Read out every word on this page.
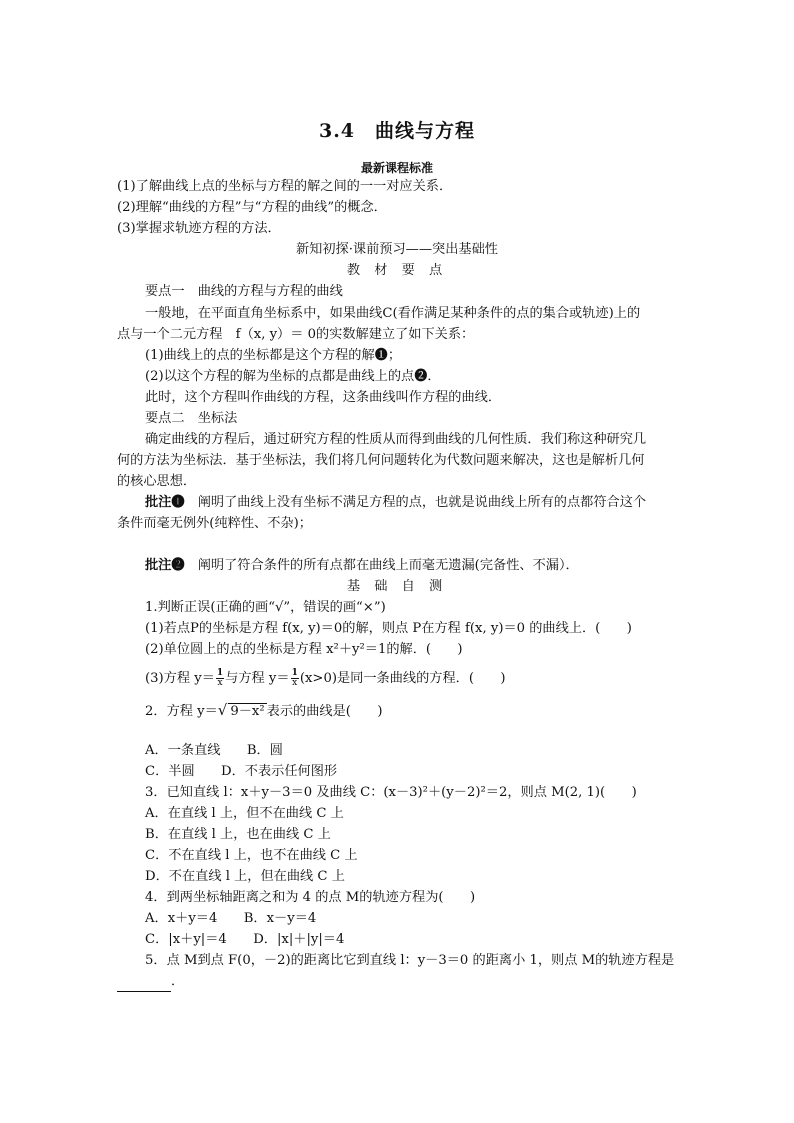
3.4　曲线与方程
最新课程标准
(1)了解曲线上点的坐标与方程的解之间的一一对应关系．
(2)理解“曲线的方程”与“方程的曲线”的概念．
(3)掌握求轨迹方程的方法．
新知初探·课前预习——突出基础性
教 材 要 点
要点一　曲线的方程与方程的曲线
一般地，在平面直角坐标系中，如果曲线C(看作满足某种条件的点的集合或轨迹)上的
点与一个二元方程　f（x, y）＝ 0的实数解建立了如下关系：
(1)曲线上的点的坐标都是这个方程的解❶；
(2)以这个方程的解为坐标的点都是曲线上的点❷．
此时，这个方程叫作曲线的方程，这条曲线叫作方程的曲线．
要点二　坐标法
确定曲线的方程后，通过研究方程的性质从而得到曲线的几何性质．我们称这种研究几
何的方法为坐标法．基于坐标法，我们将几何问题转化为代数问题来解决，这也是解析几何
的核心思想．
批注❶　阐明了曲线上没有坐标不满足方程的点，也就是说曲线上所有的点都符合这个
条件而毫无例外(纯粹性、不杂)；
批注❷　阐明了符合条件的所有点都在曲线上而毫无遗漏(完备性、不漏）．
基 础 自 测
1.判断正误(正确的画“√”，错误的画“×”)
(1)若点P的坐标是方程 f(x, y)＝0的解，则点 P在方程 f(x, y)＝0 的曲线上．(　　)
(2)单位圆上的点的坐标是方程 x²＋y²＝1的解．(　　)
(3)方程 $y= \frac{1}{x}$ 与方程 $y= \frac{1}{x} (x>0)$是同一条曲线的方程．(　　)
2．方程 y＝√ 9－x² 表示的曲线是(　　)
A．一条直线　　B．圆
C．半圆　　D．不表示任何图形
3．已知直线 l：x＋y－3＝0 及曲线 C：(x－3)²＋(y－2)²＝2，则点 M(2, 1)(　　)
A．在直线 l 上，但不在曲线 C 上
B．在直线 l 上，也在曲线 C 上
C．不在直线 l 上，也不在曲线 C 上
D．不在直线 l 上，但在曲线 C 上
4．到两坐标轴距离之和为 4 的点 M的轨迹方程为(　　)
A．x＋y＝4　　B．x－y＝4
C．|x＋y|＝4　　D．|x|＋|y|＝4
5．点 M到点 F(0，－2)的距离比它到直线 l：y－3＝0 的距离小 1，则点 M的轨迹方程是
．
